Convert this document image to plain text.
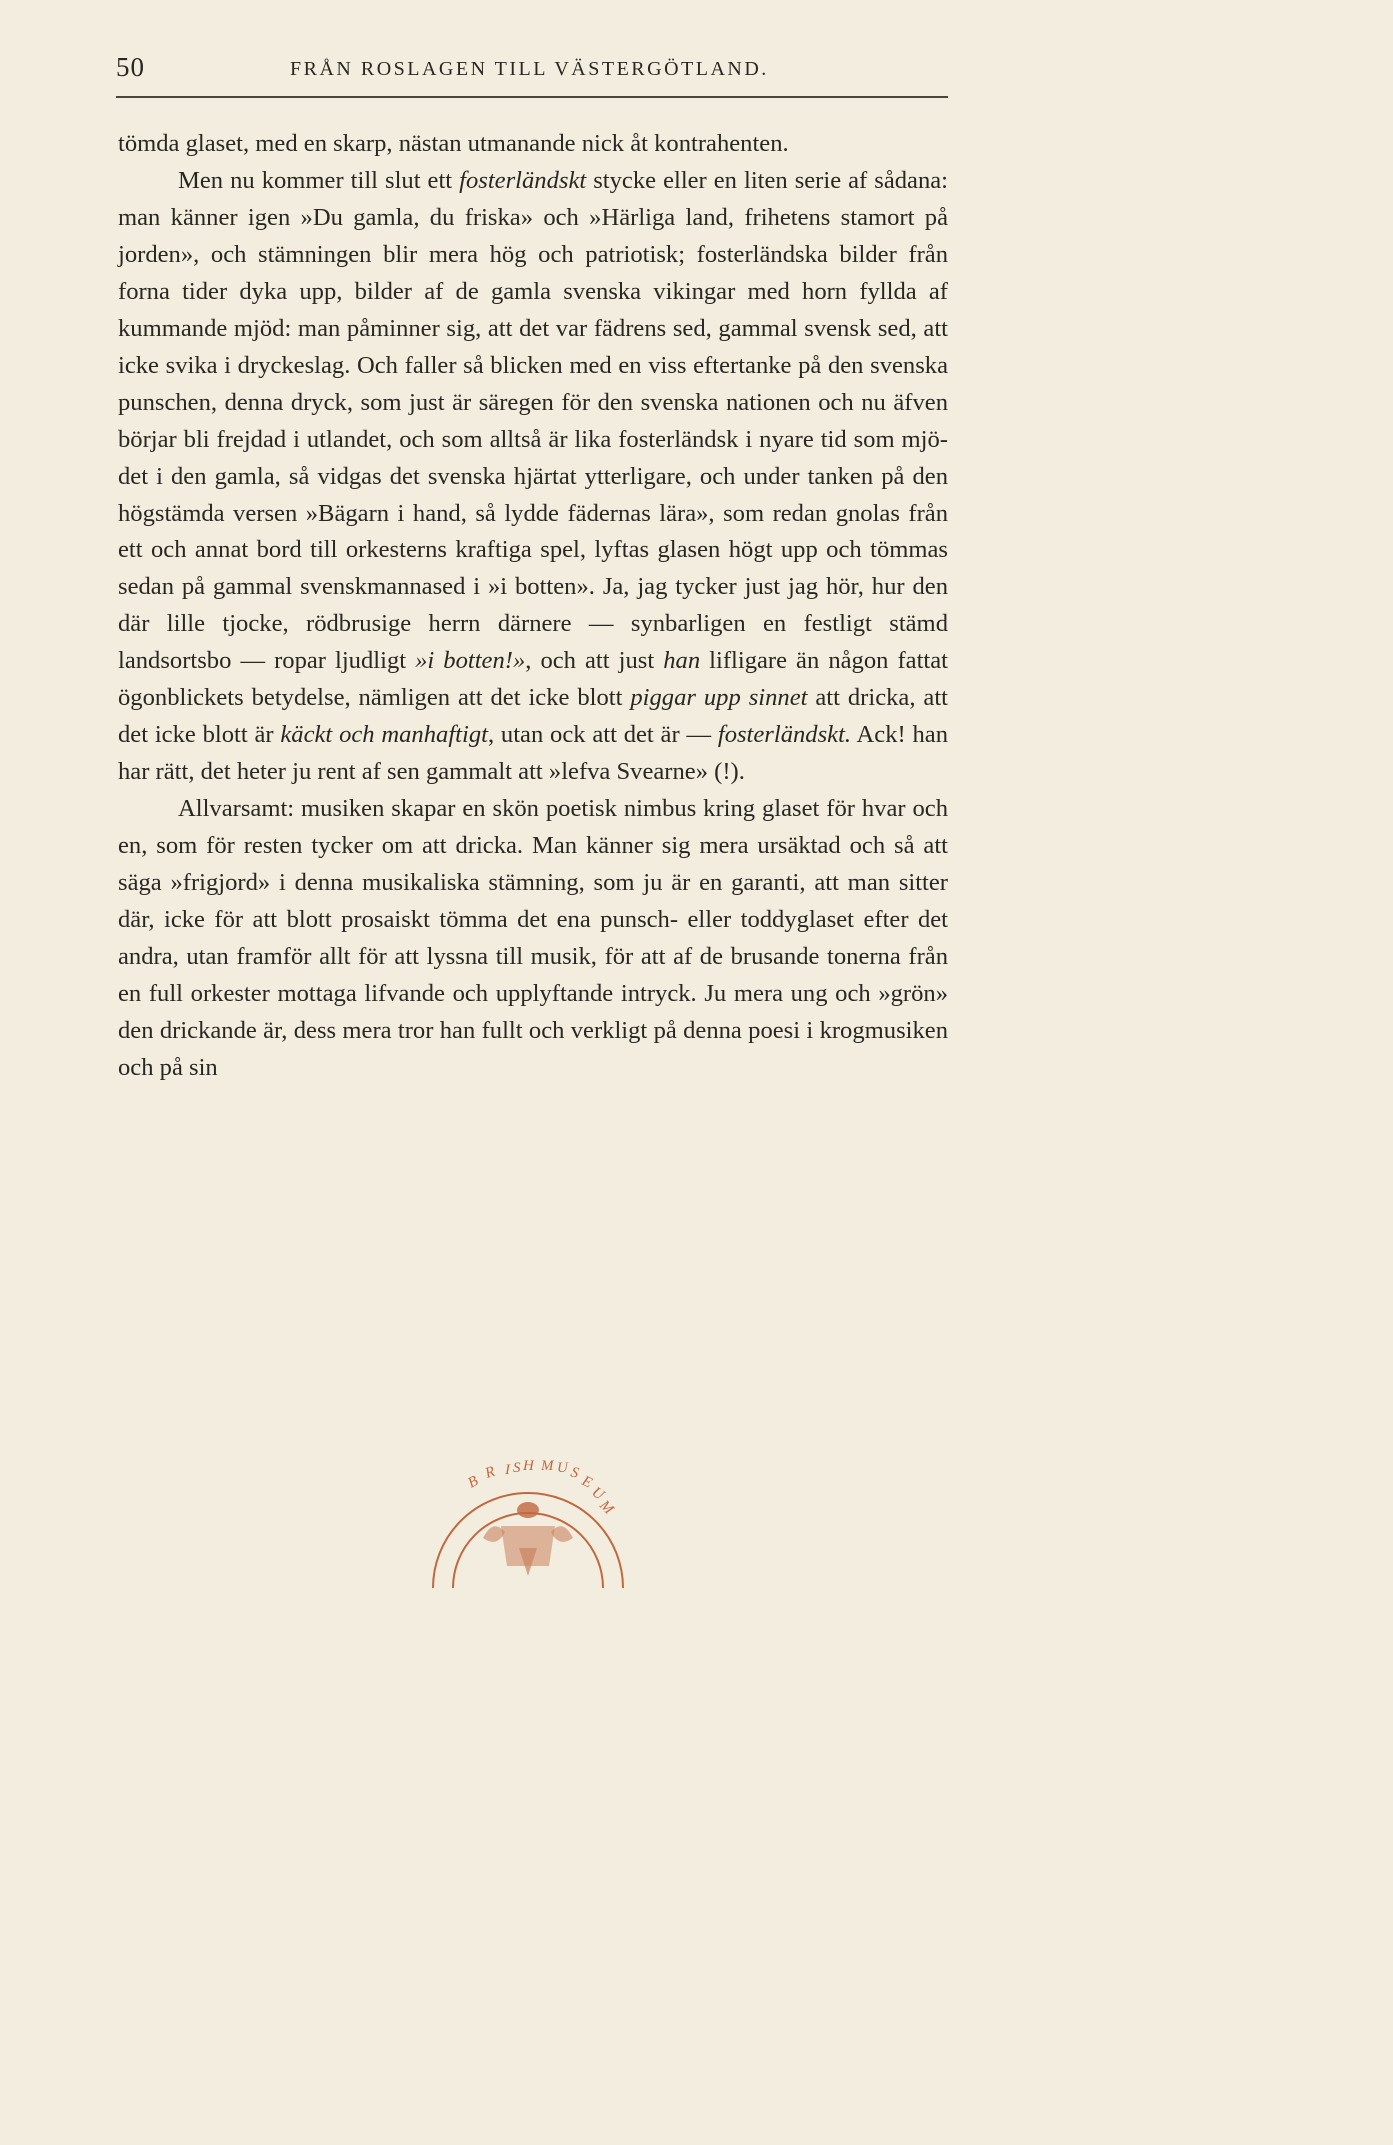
50	FRÅN ROSLAGEN TILL VÄSTERGÖTLAND.

tömda glaset, med en skarp, nästan utmanande nick åt kontrahenten.

Men nu kommer till slut ett fosterländskt stycke eller en liten serie af sådana: man känner igen »Du gamla, du friska» och »Härliga land, frihetens stamort på jorden», och stämningen blir mera hög och patriotisk; fosterländska bilder från forna tider dyka upp, bilder af de gamla svenska vikingar med horn fyllda af kummande mjöd: man påminner sig, att det var fädrens sed, gammal svensk sed, att icke svika i dryckeslag. Och faller så blicken med en viss eftertanke på den svenska punschen, denna dryck, som just är säregen för den svenska nationen och nu äfven börjar bli frejdad i utlandet, och som alltså är lika fosterländsk i nyare tid som mjödet i den gamla, så vidgas det svenska hjärtat ytterligare, och under tanken på den högstämda versen »Bägarn i hand, så lydde fädernas lära», som redan gnolas från ett och annat bord till orkesterns kraftiga spel, lyftas glasen högt upp och tömmas sedan på gammal svenskmannased i »i botten». Ja, jag tycker just jag hör, hur den där lille tjocke, rödbrusige herrn därnere — synbarligen en festligt stämd landsortsbo — ropar ljudligt »i botten!», och att just han lifligare än någon fattat ögonblickets betydelse, nämligen att det icke blott piggar upp sinnet att dricka, att det icke blott är käckt och manhaftigt, utan ock att det är — fosterländskt. Ack! han har rätt, det heter ju rent af sen gammalt att »lefva Svearne» (!).

Allvarsamt: musiken skapar en skön poetisk nimbus kring glaset för hvar och en, som för resten tycker om att dricka. Man känner sig mera ursäktad och så att säga »frigjord» i denna musikaliska stämning, som ju är en garanti, att man sitter där, icke för att blott prosaiskt tömma det ena punsch- eller toddyglaset efter det andra, utan framför allt för att lyssna till musik, för att af de brusande tonerna från en full orkester mottaga lifvande och upplyftande intryck. Ju mera ung och »grön» den drickande är, dess mera tror han fullt och verkligt på denna poesi i krogmusiken och på sin

B
R I S H M U S
E
U
M
